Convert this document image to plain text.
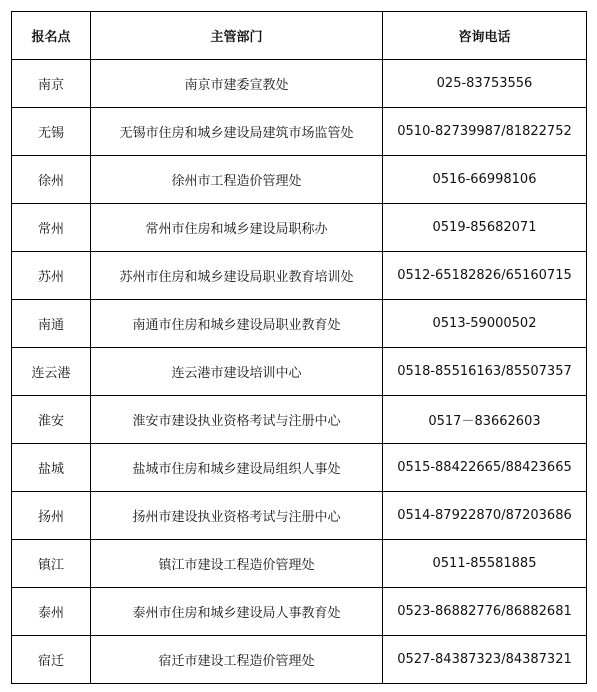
报名点	主管部门	咨询电话
南京	南京市建委宣教处	025-83753556
无锡	无锡市住房和城乡建设局建筑市场监管处	0510-82739987/81822752
徐州	徐州市工程造价管理处	0516-66998106
常州	常州市住房和城乡建设局职称办	0519-85682071
苏州	苏州市住房和城乡建设局职业教育培训处	0512-65182826/65160715
南通	南通市住房和城乡建设局职业教育处	0513-59000502
连云港	连云港市建设培训中心	0518-85516163/85507357
淮安	淮安市建设执业资格考试与注册中心	0517－83662603
盐城	盐城市住房和城乡建设局组织人事处	0515-88422665/88423665
扬州	扬州市建设执业资格考试与注册中心	0514-87922870/87203686
镇江	镇江市建设工程造价管理处	0511-85581885
泰州	泰州市住房和城乡建设局人事教育处	0523-86882776/86882681
宿迁	宿迁市建设工程造价管理处	0527-84387323/84387321
